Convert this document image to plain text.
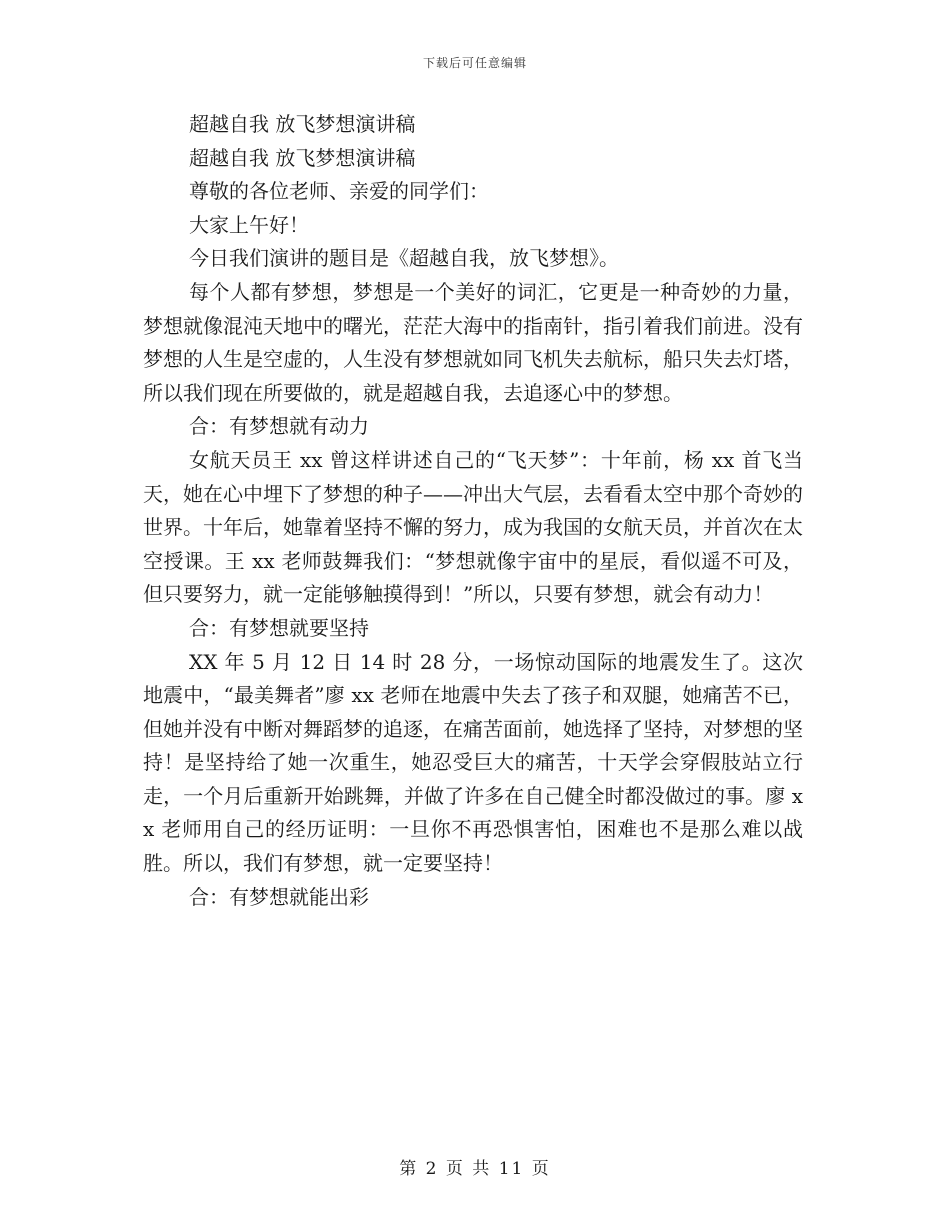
下载后可任意编辑

超越自我 放飞梦想演讲稿

超越自我 放飞梦想演讲稿

尊敬的各位老师、亲爱的同学们：

大家上午好！

今日我们演讲的题目是《超越自我，放飞梦想》。

每个人都有梦想，梦想是一个美好的词汇，它更是一种奇妙的力量，梦想就像混沌天地中的曙光，茫茫大海中的指南针，指引着我们前进。没有梦想的人生是空虚的，人生没有梦想就如同飞机失去航标，船只失去灯塔，所以我们现在所要做的，就是超越自我，去追逐心中的梦想。

合：有梦想就有动力

女航天员王 xx 曾这样讲述自己的“飞天梦”：十年前，杨 xx 首飞当天，她在心中埋下了梦想的种子——冲出大气层，去看看太空中那个奇妙的世界。十年后，她靠着坚持不懈的努力，成为我国的女航天员，并首次在太空授课。王 xx 老师鼓舞我们：“梦想就像宇宙中的星辰，看似遥不可及，但只要努力，就一定能够触摸得到！”所以，只要有梦想，就会有动力！

合：有梦想就要坚持

XX 年 5 月 12 日 14 时 28 分，一场惊动国际的地震发生了。这次地震中，“最美舞者”廖 xx 老师在地震中失去了孩子和双腿，她痛苦不已，但她并没有中断对舞蹈梦的追逐，在痛苦面前，她选择了坚持，对梦想的坚持！是坚持给了她一次重生，她忍受巨大的痛苦，十天学会穿假肢站立行走，一个月后重新开始跳舞，并做了许多在自己健全时都没做过的事。廖 xx 老师用自己的经历证明：一旦你不再恐惧害怕，困难也不是那么难以战胜。所以，我们有梦想，就一定要坚持！

合：有梦想就能出彩

第 2 页 共 11 页
